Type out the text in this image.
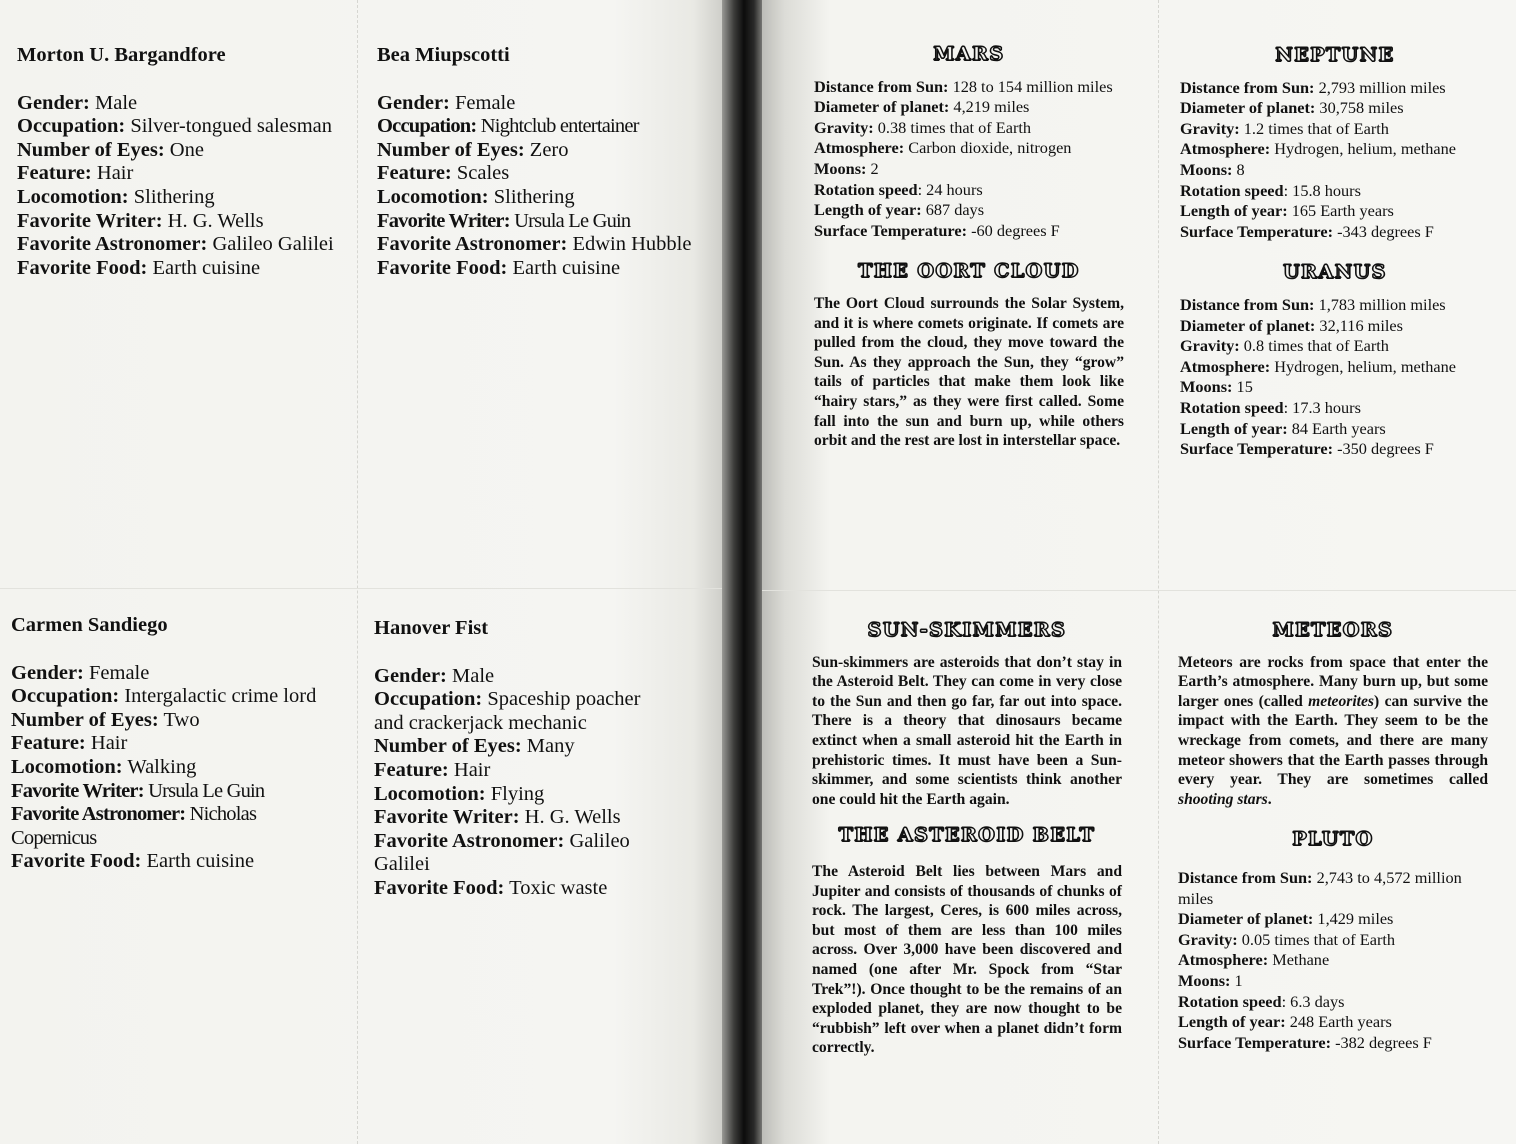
Morton U. Bargandfore

Gender: Male

Occupation: Silver-tongued salesman

Number of Eyes: One

Feature: Hair

Locomotion: Slithering

Favorite Writer: H. G. Wells

Favorite Astronomer: Galileo Galilei

Favorite Food: Earth cuisine

Bea Miupscotti

Gender: Female

Occupation: Nightclub entertainer

Number of Eyes: Zero

Feature: Scales

Locomotion: Slithering

Favorite Writer: Ursula Le Guin

Favorite Astronomer: Edwin Hubble

Favorite Food: Earth cuisine

Carmen Sandiego

Gender: Female

Occupation: Intergalactic crime lord

Number of Eyes: Two

Feature: Hair

Locomotion: Walking

Favorite Writer: Ursula Le Guin

Favorite Astronomer: Nicholas Copernicus

Favorite Food: Earth cuisine

Hanover Fist

Gender: Male

Occupation: Spaceship poacher and crackerjack mechanic

Number of Eyes: Many

Feature: Hair

Locomotion: Flying

Favorite Writer: H. G. Wells

Favorite Astronomer: Galileo Galilei

Favorite Food: Toxic waste

MARS

Distance from Sun: 128 to 154 million miles

Diameter of planet: 4,219 miles

Gravity: 0.38 times that of Earth

Atmosphere: Carbon dioxide, nitrogen

Moons: 2

Rotation speed: 24 hours

Length of year: 687 days

Surface Temperature: -60 degrees F

THE OORT CLOUD

The Oort Cloud surrounds the Solar System, and it is where comets originate. If comets are pulled from the cloud, they move toward the Sun. As they approach the Sun, they “grow” tails of particles that make them look like “hairy stars,” as they were first called. Some fall into the sun and burn up, while others orbit and the rest are lost in interstellar space.

NEPTUNE

Distance from Sun: 2,793 million miles

Diameter of planet: 30,758 miles

Gravity: 1.2 times that of Earth

Atmosphere: Hydrogen, helium, methane

Moons: 8

Rotation speed: 15.8 hours

Length of year: 165 Earth years

Surface Temperature: -343 degrees F

URANUS

Distance from Sun: 1,783 million miles

Diameter of planet: 32,116 miles

Gravity: 0.8 times that of Earth

Atmosphere: Hydrogen, helium, methane

Moons: 15

Rotation speed: 17.3 hours

Length of year: 84 Earth years

Surface Temperature: -350 degrees F

SUN-SKIMMERS

Sun-skimmers are asteroids that don’t stay in the Asteroid Belt. They can come in very close to the Sun and then go far, far out into space. There is a theory that dinosaurs became extinct when a small asteroid hit the Earth in prehistoric times. It must have been a Sun-skimmer, and some scientists think another one could hit the Earth again.

THE ASTEROID BELT

The Asteroid Belt lies between Mars and Jupiter and consists of thousands of chunks of rock. The largest, Ceres, is 600 miles across, but most of them are less than 100 miles across. Over 3,000 have been discovered and named (one after Mr. Spock from “Star Trek”!). Once thought to be the remains of an exploded planet, they are now thought to be “rubbish” left over when a planet didn’t form correctly.

METEORS

Meteors are rocks from space that enter the Earth’s atmosphere. Many burn up, but some larger ones (called meteorites) can survive the impact with the Earth. They seem to be the wreckage from comets, and there are many meteor showers that the Earth passes through every year. They are sometimes called shooting stars.

PLUTO

Distance from Sun: 2,743 to 4,572 million miles

Diameter of planet: 1,429 miles

Gravity: 0.05 times that of Earth

Atmosphere: Methane

Moons: 1

Rotation speed: 6.3 days

Length of year: 248 Earth years

Surface Temperature: -382 degrees F
